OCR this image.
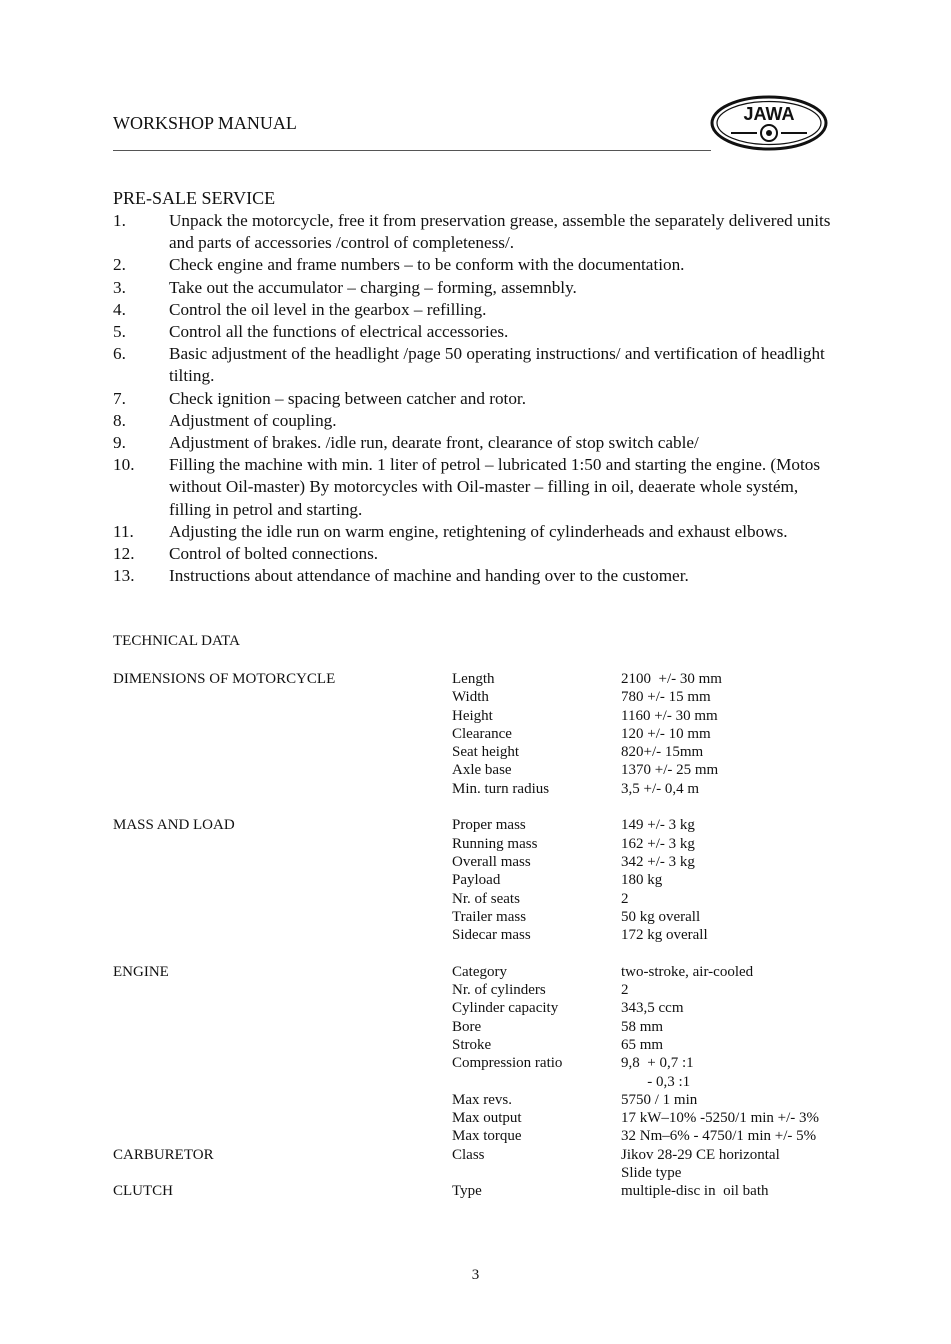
WORKSHOP MANUAL	JAWA
PRE-SALE SERVICE
1.	Unpack the motorcycle, free it from preservation grease, assemble the separately delivered units and parts of accessories /control of completeness/.
2.	Check engine and frame numbers – to be conform with the documentation.
3.	Take out the accumulator – charging – forming, assemnbly.
4.	Control the oil level in the gearbox – refilling.
5.	Control all the functions of electrical accessories.
6.	Basic adjustment of the headlight /page 50 operating instructions/ and vertification of headlight tilting.
7.	Check ignition – spacing between catcher and rotor.
8.	Adjustment of coupling.
9.	Adjustment of brakes. /idle run, dearate front, clearance of stop switch cable/
10.	Filling the machine with min. 1 liter of petrol – lubricated 1:50 and starting the engine. (Motos without Oil-master) By motorcycles with Oil-master – filling in oil, deaerate whole systém, filling in petrol and starting.
11.	Adjusting the idle run on warm engine, retightening of cylinderheads and exhaust elbows.
12.	Control of bolted connections.
13.	Instructions about attendance of machine and handing over to the customer.
TECHNICAL DATA
DIMENSIONS OF MOTORCYCLE	Length	2100  +/- 30 mm
Width	780 +/- 15 mm
Height	1160 +/- 30 mm
Clearance	120 +/- 10 mm
Seat height	820+/- 15mm
Axle base	1370 +/- 25 mm
Min. turn radius	3,5 +/- 0,4 m
MASS AND LOAD	Proper mass	149 +/- 3 kg
Running mass	162 +/- 3 kg
Overall mass	342 +/- 3 kg
Payload	180 kg
Nr. of seats	2
Trailer mass	50 kg overall
Sidecar mass	172 kg overall
ENGINE	Category	two-stroke, air-cooled
Nr. of cylinders	2
Cylinder capacity	343,5 ccm
Bore	58 mm
Stroke	65 mm
Compression ratio	9,8  + 0,7 :1
- 0,3 :1
Max revs.	5750 / 1 min
Max output	17 kW–10% -5250/1 min +/- 3%
Max torque	32 Nm–6% - 4750/1 min +/- 5%
CARBURETOR	Class	Jikov 28-29 CE horizontal
Slide type
CLUTCH	Type	multiple-disc in  oil bath
3
